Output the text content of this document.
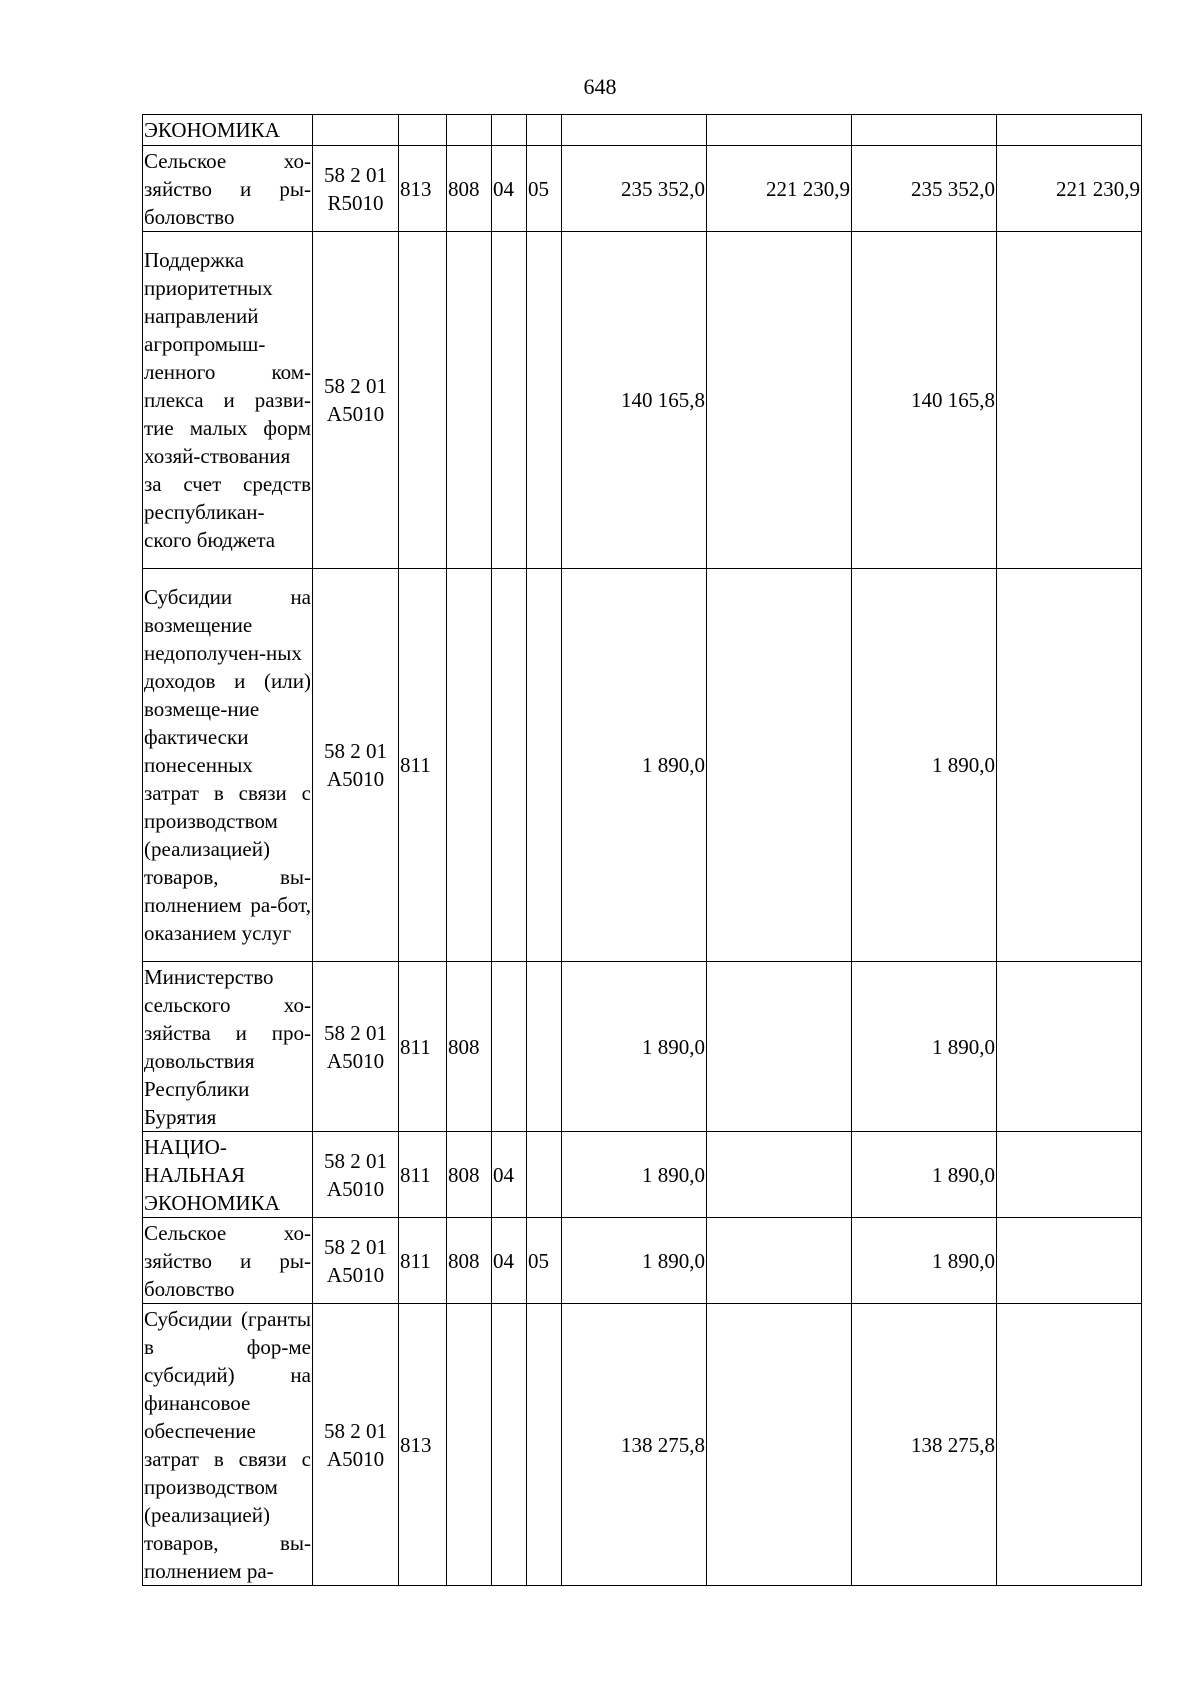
648
ЭКОНОМИКА									
Сельское хо-зяйство и ры-боловство	58 2 01 R5010	813	808	04	05	235 352,0	221 230,9	235 352,0	221 230,9
Поддержка приоритетных направлений агропромыш-ленного ком-плекса и разви-тие малых форм хозяй-ствования за счет средств республикан-ского бюджета	58 2 01 A5010					140 165,8		140 165,8	
Субсидии на возмещение недополучен-ных доходов и (или) возмеще-ние фактически понесенных затрат в связи с производством (реализацией) товаров, вы-полнением ра-бот, оказанием услуг	58 2 01 A5010	811				1 890,0		1 890,0	
Министерство сельского хо-зяйства и про-довольствия Республики Бурятия	58 2 01 A5010	811	808			1 890,0		1 890,0	
НАЦИО-НАЛЬНАЯ ЭКОНОМИКА	58 2 01 A5010	811	808	04		1 890,0		1 890,0	
Сельское хо-зяйство и ры-боловство	58 2 01 A5010	811	808	04	05	1 890,0		1 890,0	
Субсидии (гранты в фор-ме субсидий) на финансовое обеспечение затрат в связи с производством (реализацией) товаров, вы-полнением ра-	58 2 01 A5010	813				138 275,8		138 275,8	
